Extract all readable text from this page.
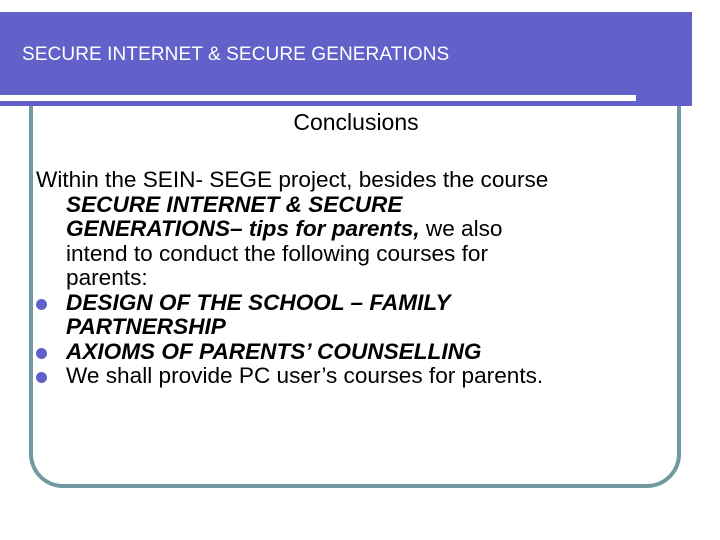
SECURE INTERNET & SECURE GENERATIONS
Conclusions
Within the SEIN- SEGE project, besides the course
SECURE INTERNET & SECURE
GENERATIONS– tips for parents, we also
intend to conduct the following courses for
parents:
DESIGN OF THE SCHOOL – FAMILY
PARTNERSHIP
AXIOMS OF PARENTS’ COUNSELLING
We shall provide PC user’s courses for parents.
